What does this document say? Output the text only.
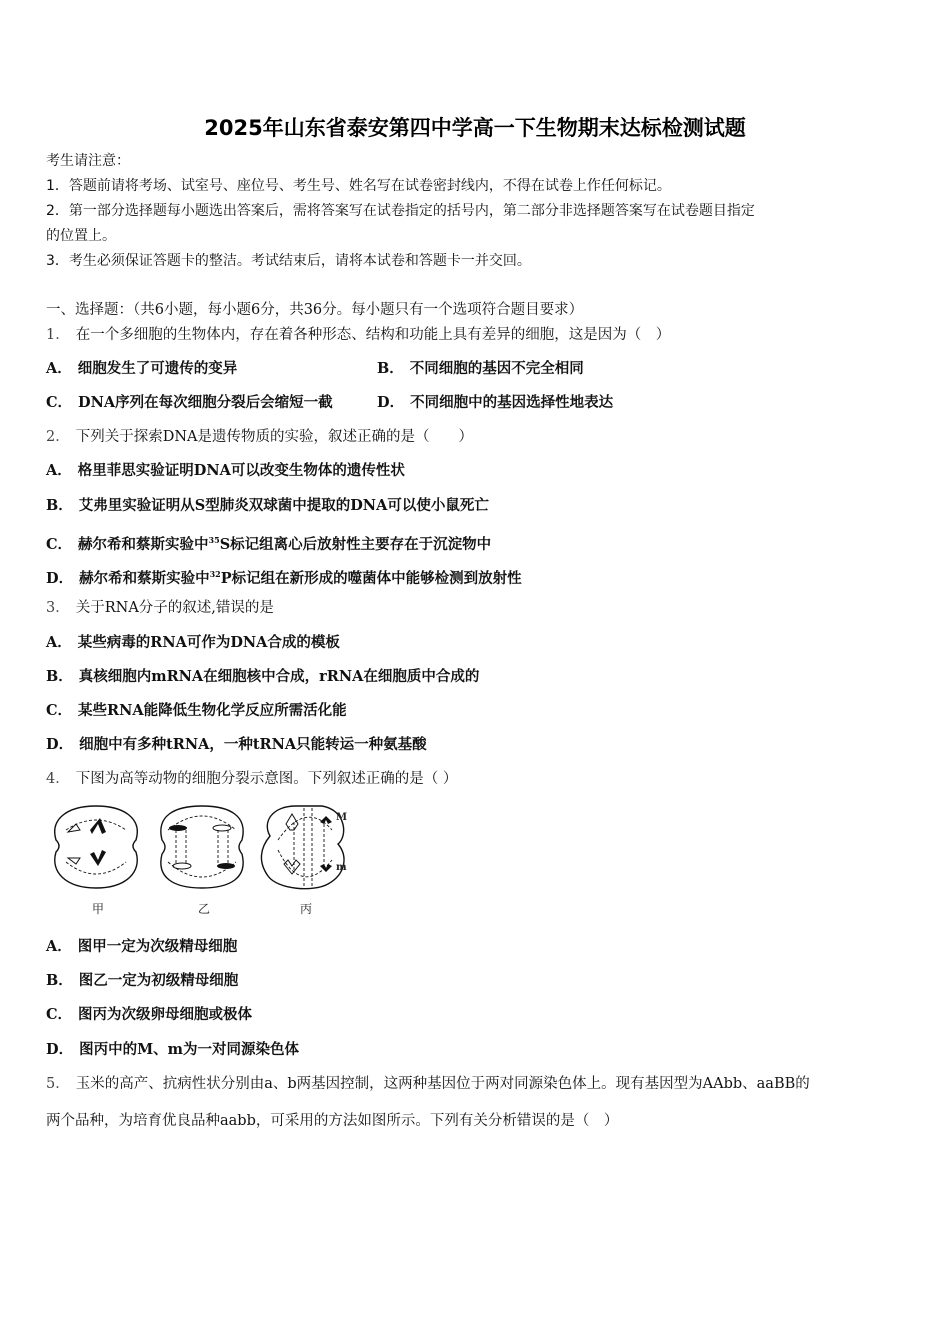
2025年山东省泰安第四中学高一下生物期末达标检测试题
考生请注意：
1．答题前请将考场、试室号、座位号、考生号、姓名写在试卷密封线内，不得在试卷上作任何标记。
2．第一部分选择题每小题选出答案后，需将答案写在试卷指定的括号内，第二部分非选择题答案写在试卷题目指定
的位置上。
3．考生必须保证答题卡的整洁。考试结束后，请将本试卷和答题卡一并交回。
一、选择题：（共6小题，每小题6分，共36分。每小题只有一个选项符合题目要求）
1． 在一个多细胞的生物体内，存在着各种形态、结构和功能上具有差异的细胞，这是因为（　）
A． 细胞发生了可遗传的变异	B． 不同细胞的基因不完全相同
C． DNA序列在每次细胞分裂后会缩短一截	D． 不同细胞中的基因选择性地表达
2． 下列关于探索DNA是遗传物质的实验，叙述正确的是（　　）
A． 格里菲思实验证明DNA可以改变生物体的遗传性状
B． 艾弗里实验证明从S型肺炎双球菌中提取的DNA可以使小鼠死亡
C． 赫尔希和蔡斯实验中$^{35}$S标记组离心后放射性主要存在于沉淀物中
D． 赫尔希和蔡斯实验中$^{32}$P标记组在新形成的噬菌体中能够检测到放射性
3． 关于RNA分子的叙述,错误的是
A． 某些病毒的RNA可作为DNA合成的模板
B． 真核细胞内mRNA在细胞核中合成，rRNA在细胞质中合成的
C． 某些RNA能降低生物化学反应所需活化能
D． 细胞中有多种tRNA，一种tRNA只能转运一种氨基酸
4． 下图为高等动物的细胞分裂示意图。下列叙述正确的是（ ）
甲	乙	丙
M
m
A． 图甲一定为次级精母细胞
B． 图乙一定为初级精母细胞
C． 图丙为次级卵母细胞或极体
D． 图丙中的M、m为一对同源染色体
5． 玉米的高产、抗病性状分别由a、b两基因控制，这两种基因位于两对同源染色体上。现有基因型为AAbb、aaBB的
两个品种，为培育优良品种aabb，可采用的方法如图所示。下列有关分析错误的是（　）
